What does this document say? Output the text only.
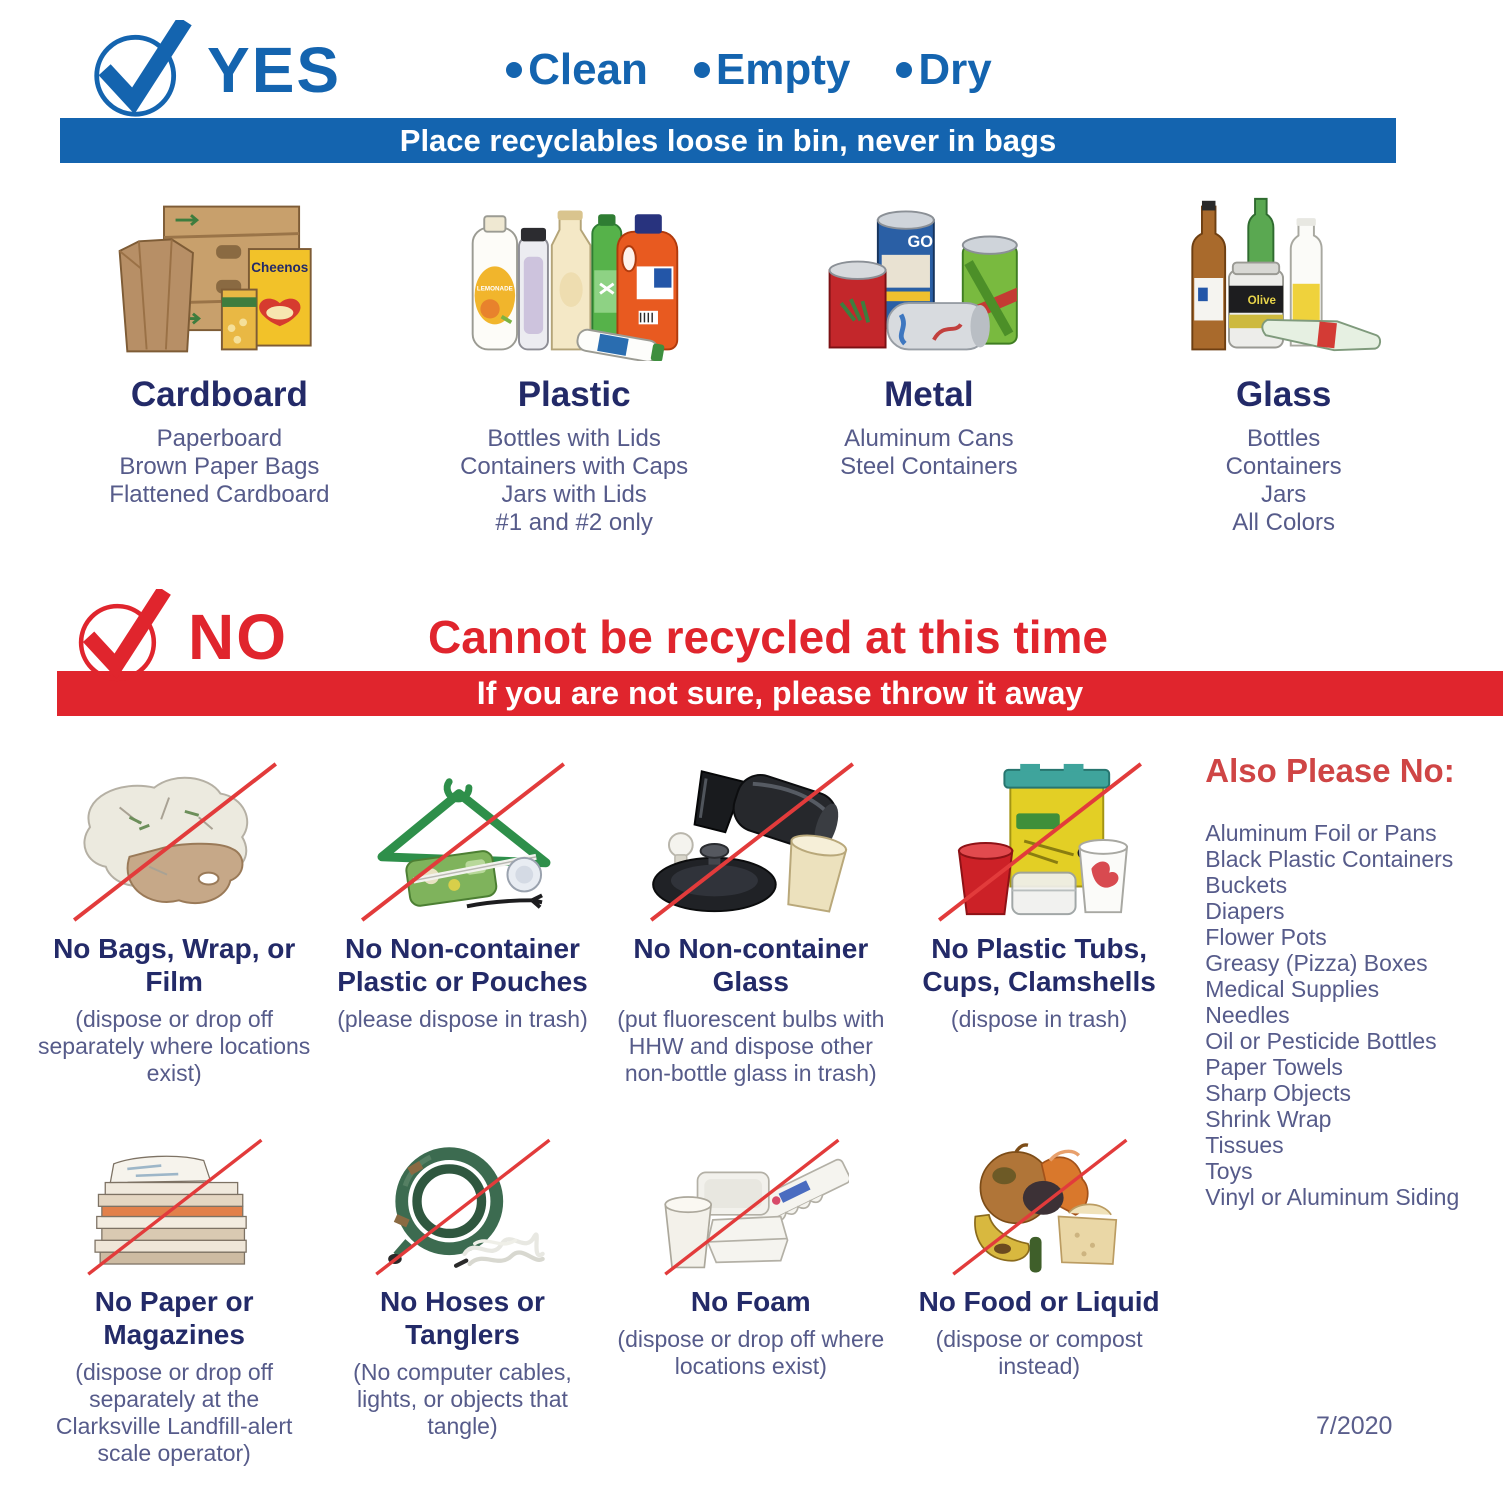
YES	Clean Empty Dry
Place recyclables loose in bin, never in bags
Cheenos
Cardboard
Paperboard
Brown Paper Bags
Flattened Cardboard
LEMONADE
Plastic
Bottles with Lids
Containers with Caps
Jars with Lids
#1 and #2 only
GO
Metal
Aluminum Cans
Steel Containers
Olive
Glass
Bottles
Containers
Jars
All Colors
NO	Cannot be recycled at this time
If you are not sure, please throw it away
No Bags, Wrap, or Film
(dispose or drop off separately where locations exist)
No Non-container Plastic or Pouches
(please dispose in trash)
No Non-container Glass
(put fluorescent bulbs with HHW and dispose other non-bottle glass in trash)
No Plastic Tubs, Cups, Clamshells
(dispose in trash)
No Paper or Magazines
(dispose or drop off separately at the Clarksville Landfill-alert scale operator)
No Hoses or Tanglers
(No computer cables, lights, or objects that tangle)
No Foam
(dispose or drop off where locations exist)
No Food or Liquid
(dispose or compost instead)
Also Please No:
Aluminum Foil or Pans
Black Plastic Containers
Buckets
Diapers
Flower Pots
Greasy (Pizza) Boxes
Medical Supplies
Needles
Oil or Pesticide Bottles
Paper Towels
Sharp Objects
Shrink Wrap
Tissues
Toys
Vinyl or Aluminum Siding
7/2020
